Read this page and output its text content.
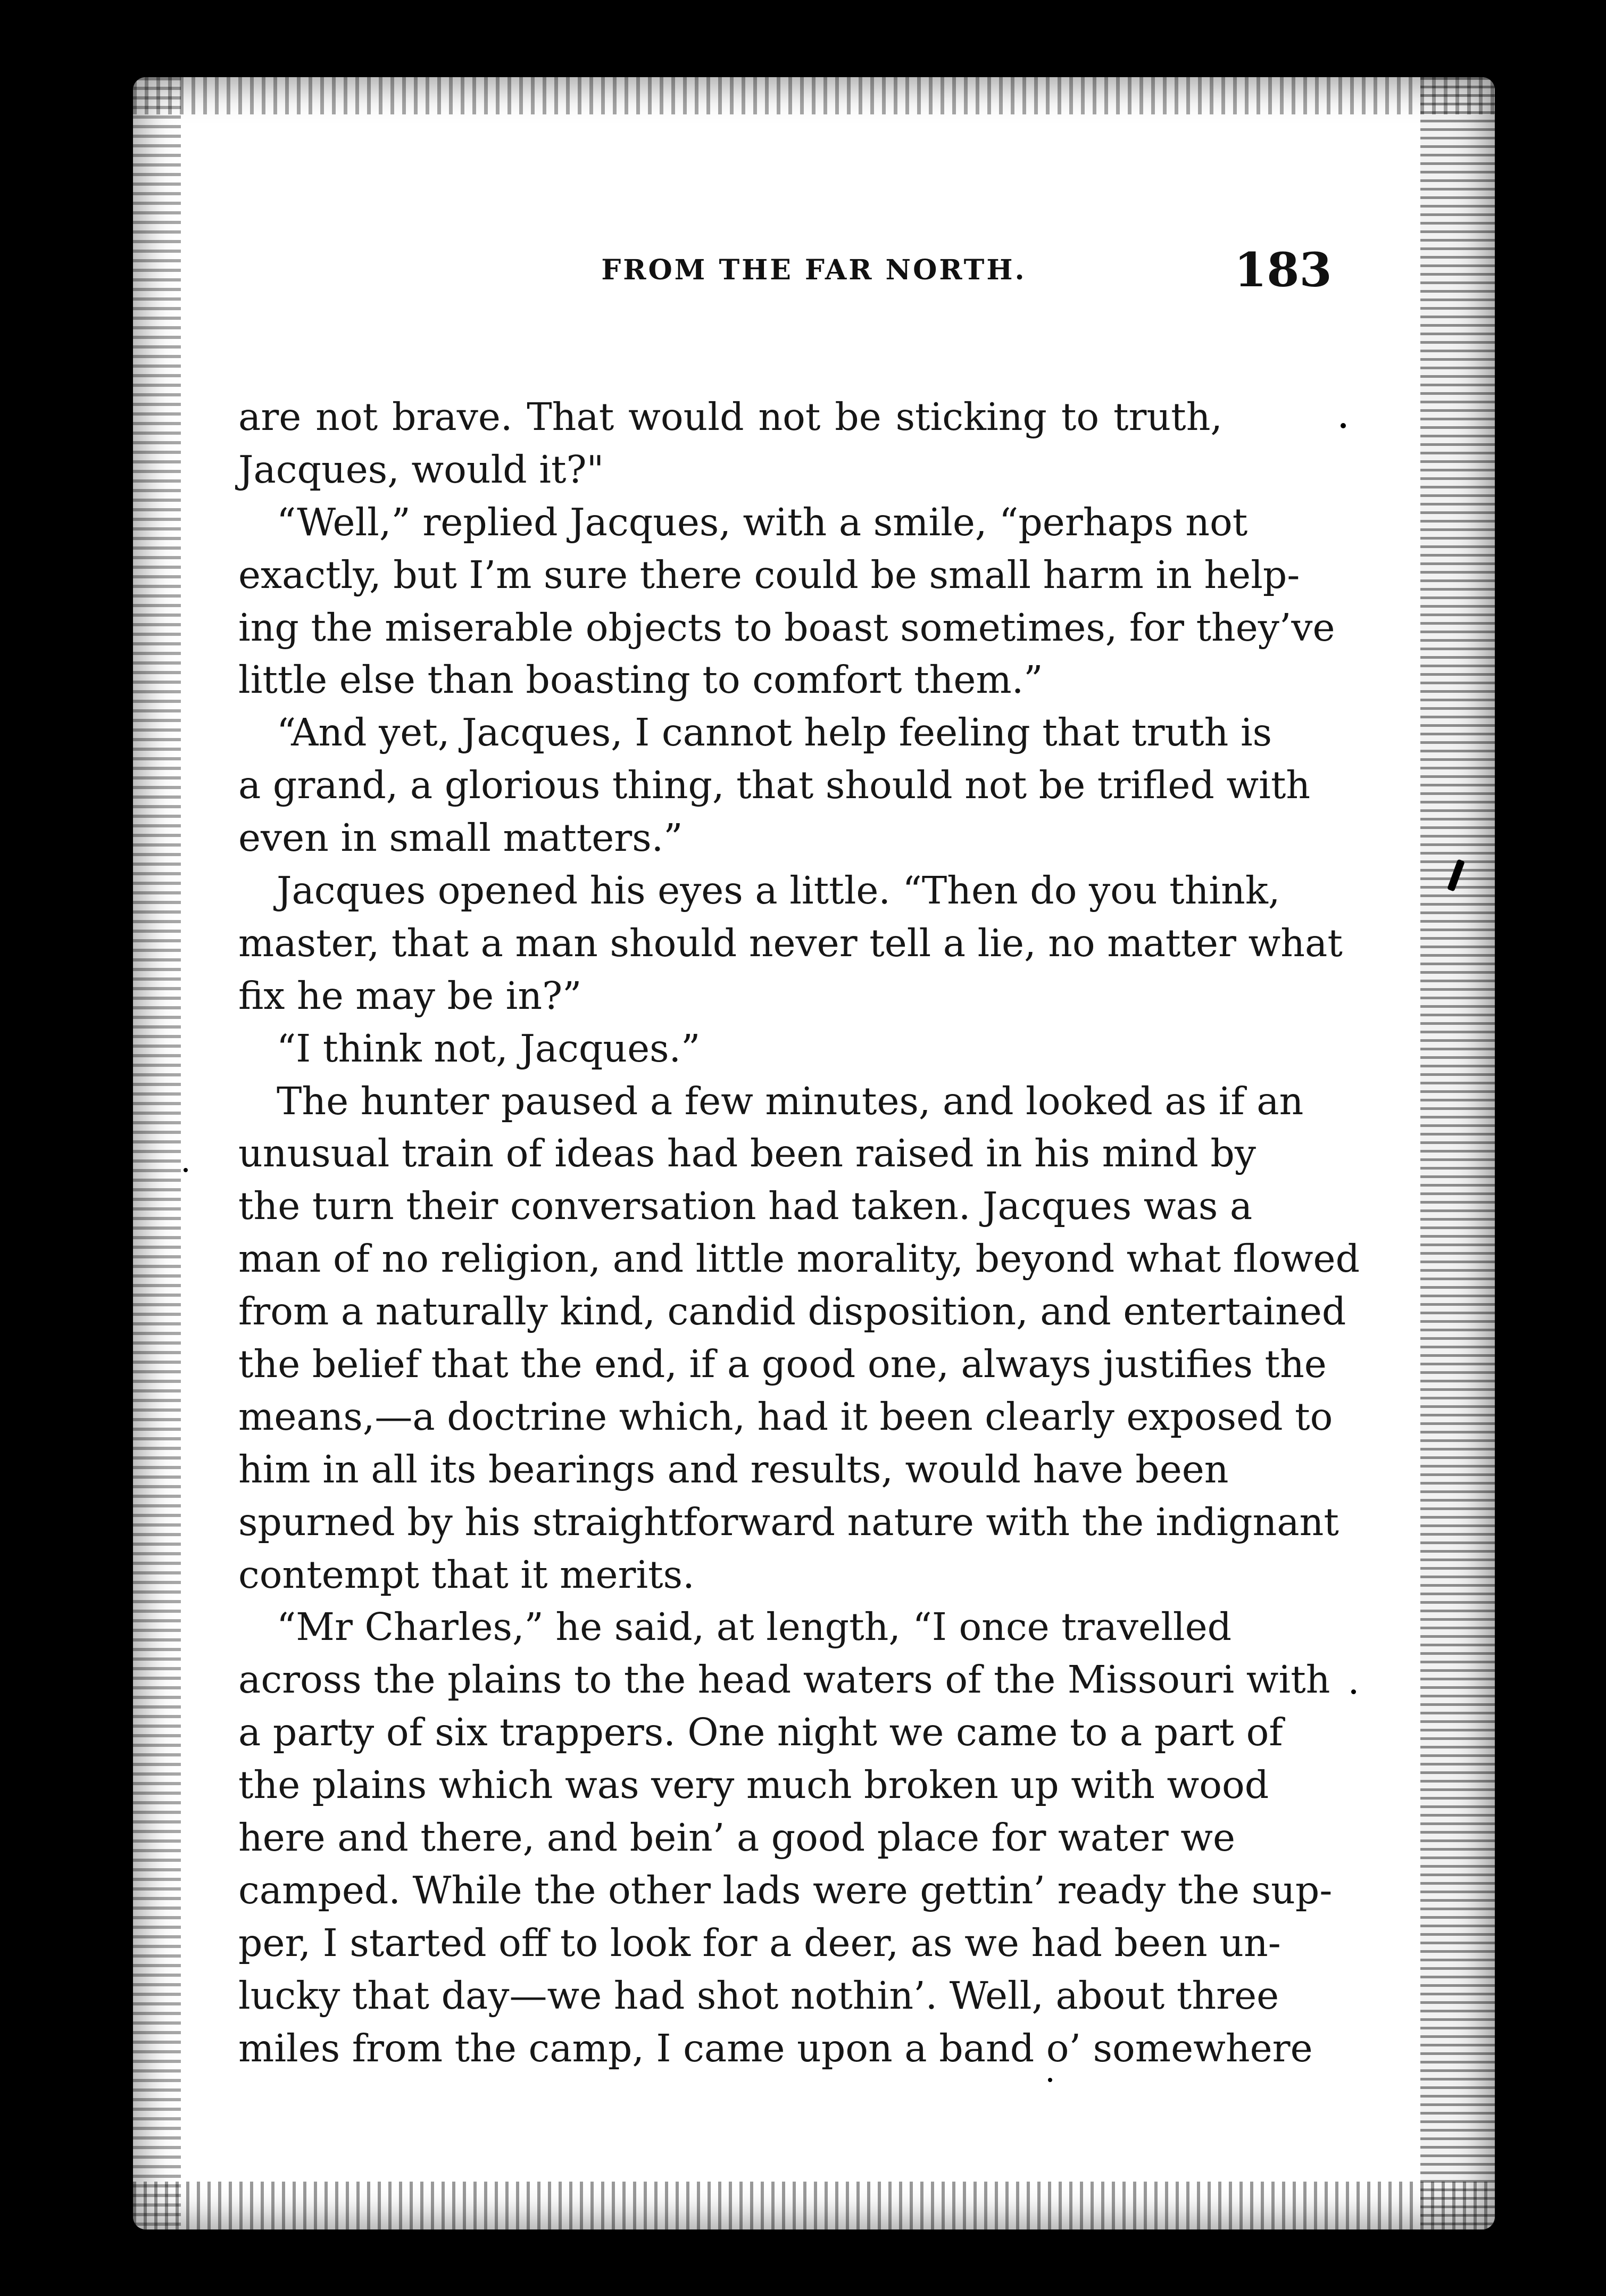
FROM THE FAR NORTH.	183
are not brave. That would not be sticking to truth,
Jacques, would it?"
“Well,” replied Jacques, with a smile, “perhaps not
exactly, but I’m sure there could be small harm in help-
ing the miserable objects to boast sometimes, for they’ve
little else than boasting to comfort them.”
“And yet, Jacques, I cannot help feeling that truth is
a grand, a glorious thing, that should not be trifled with
even in small matters.”
Jacques opened his eyes a little. “Then do you think,
master, that a man should never tell a lie, no matter what
fix he may be in?”
“I think not, Jacques.”
The hunter paused a few minutes, and looked as if an
unusual train of ideas had been raised in his mind by
the turn their conversation had taken. Jacques was a
man of no religion, and little morality, beyond what flowed
from a naturally kind, candid disposition, and entertained
the belief that the end, if a good one, always justifies the
means,—a doctrine which, had it been clearly exposed to
him in all its bearings and results, would have been
spurned by his straightforward nature with the indignant
contempt that it merits.
“Mr Charles,” he said, at length, “I once travelled
across the plains to the head waters of the Missouri with
a party of six trappers. One night we came to a part of
the plains which was very much broken up with wood
here and there, and bein’ a good place for water we
camped. While the other lads were gettin’ ready the sup-
per, I started off to look for a deer, as we had been un-
lucky that day—we had shot nothin’. Well, about three
miles from the camp, I came upon a band o’ somewhere
